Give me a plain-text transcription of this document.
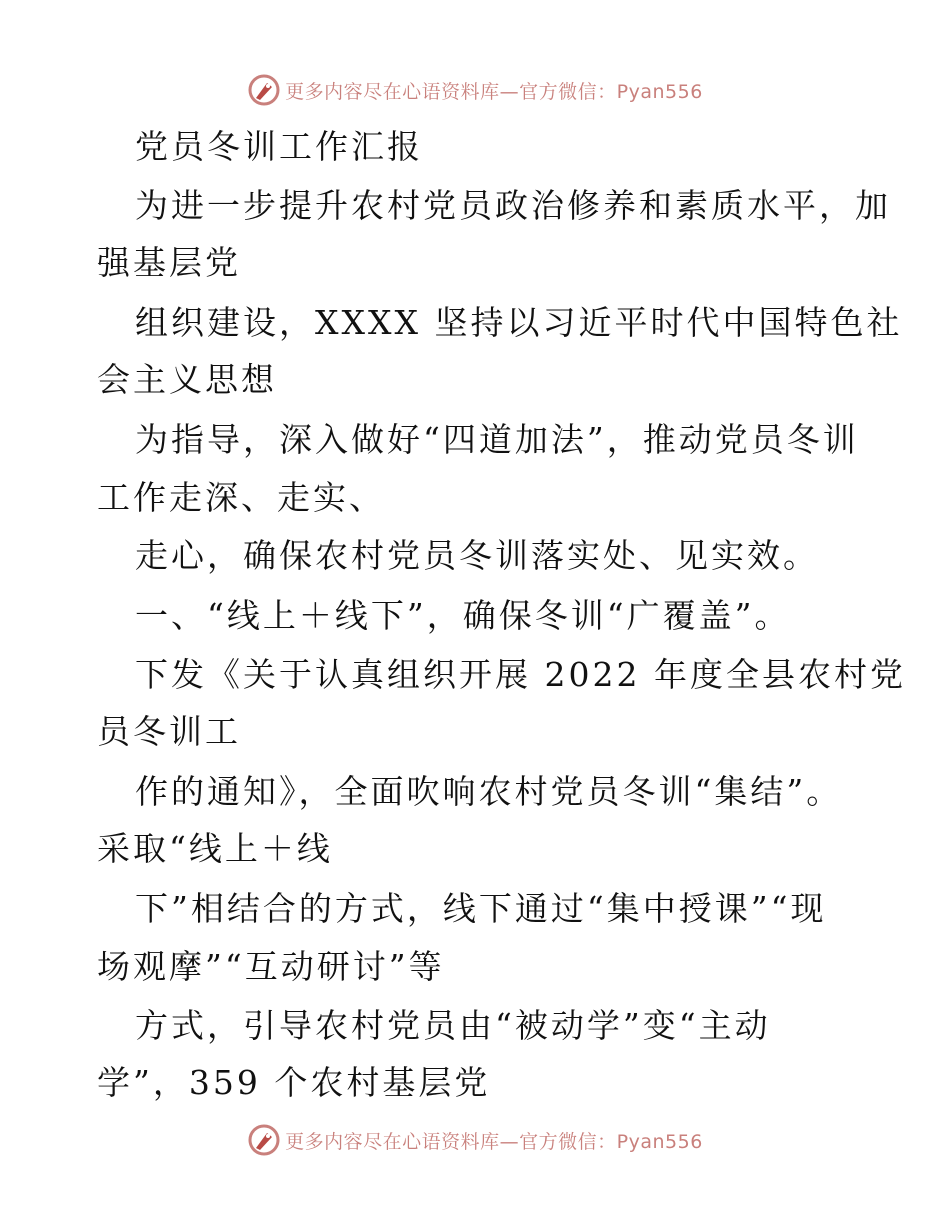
更多内容尽在心语资料库—官方微信：Pyan556
党员冬训工作汇报
为进一步提升农村党员政治修养和素质水平，加
强基层党
组织建设，XXXX 坚持以习近平时代中国特色社
会主义思想
为指导，深入做好“四道加法”，推动党员冬训
工作走深、走实、
走心，确保农村党员冬训落实处、见实效。
一、“线上＋线下”，确保冬训“广覆盖”。
下发《关于认真组织开展 2022 年度全县农村党
员冬训工
作的通知》，全面吹响农村党员冬训“集结”。
采取“线上＋线
下”相结合的方式，线下通过“集中授课”“现
场观摩”“互动研讨”等
方式，引导农村党员由“被动学”变“主动
学”，359 个农村基层党
更多内容尽在心语资料库—官方微信：Pyan556
